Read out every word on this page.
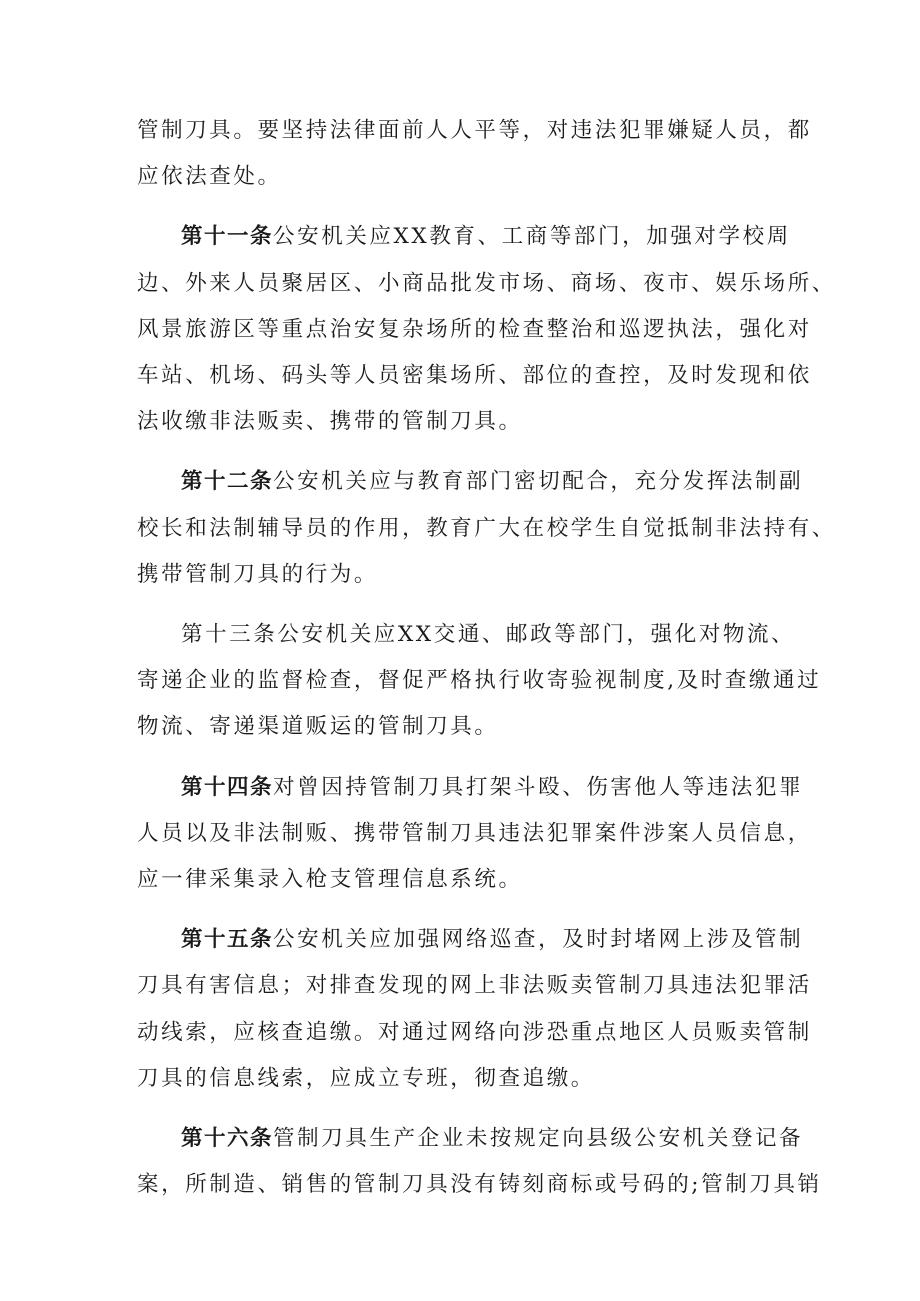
管制刀具。要坚持法律面前人人平等，对违法犯罪嫌疑人员，都
应依法查处。
第十一条公安机关应XX教育、工商等部门，加强对学校周
边、外来人员聚居区、小商品批发市场、商场、夜市、娱乐场所、
风景旅游区等重点治安复杂场所的检查整治和巡逻执法，强化对
车站、机场、码头等人员密集场所、部位的查控，及时发现和依
法收缴非法贩卖、携带的管制刀具。
第十二条公安机关应与教育部门密切配合，充分发挥法制副
校长和法制辅导员的作用，教育广大在校学生自觉抵制非法持有、
携带管制刀具的行为。
第十三条公安机关应XX交通、邮政等部门，强化对物流、
寄递企业的监督检查，督促严格执行收寄验视制度,及时查缴通过
物流、寄递渠道贩运的管制刀具。
第十四条对曾因持管制刀具打架斗殴、伤害他人等违法犯罪
人员以及非法制贩、携带管制刀具违法犯罪案件涉案人员信息，
应一律采集录入枪支管理信息系统。
第十五条公安机关应加强网络巡查，及时封堵网上涉及管制
刀具有害信息；对排查发现的网上非法贩卖管制刀具违法犯罪活
动线索，应核查追缴。对通过网络向涉恐重点地区人员贩卖管制
刀具的信息线索，应成立专班，彻查追缴。
第十六条管制刀具生产企业未按规定向县级公安机关登记备
案，所制造、销售的管制刀具没有铸刻商标或号码的;管制刀具销
